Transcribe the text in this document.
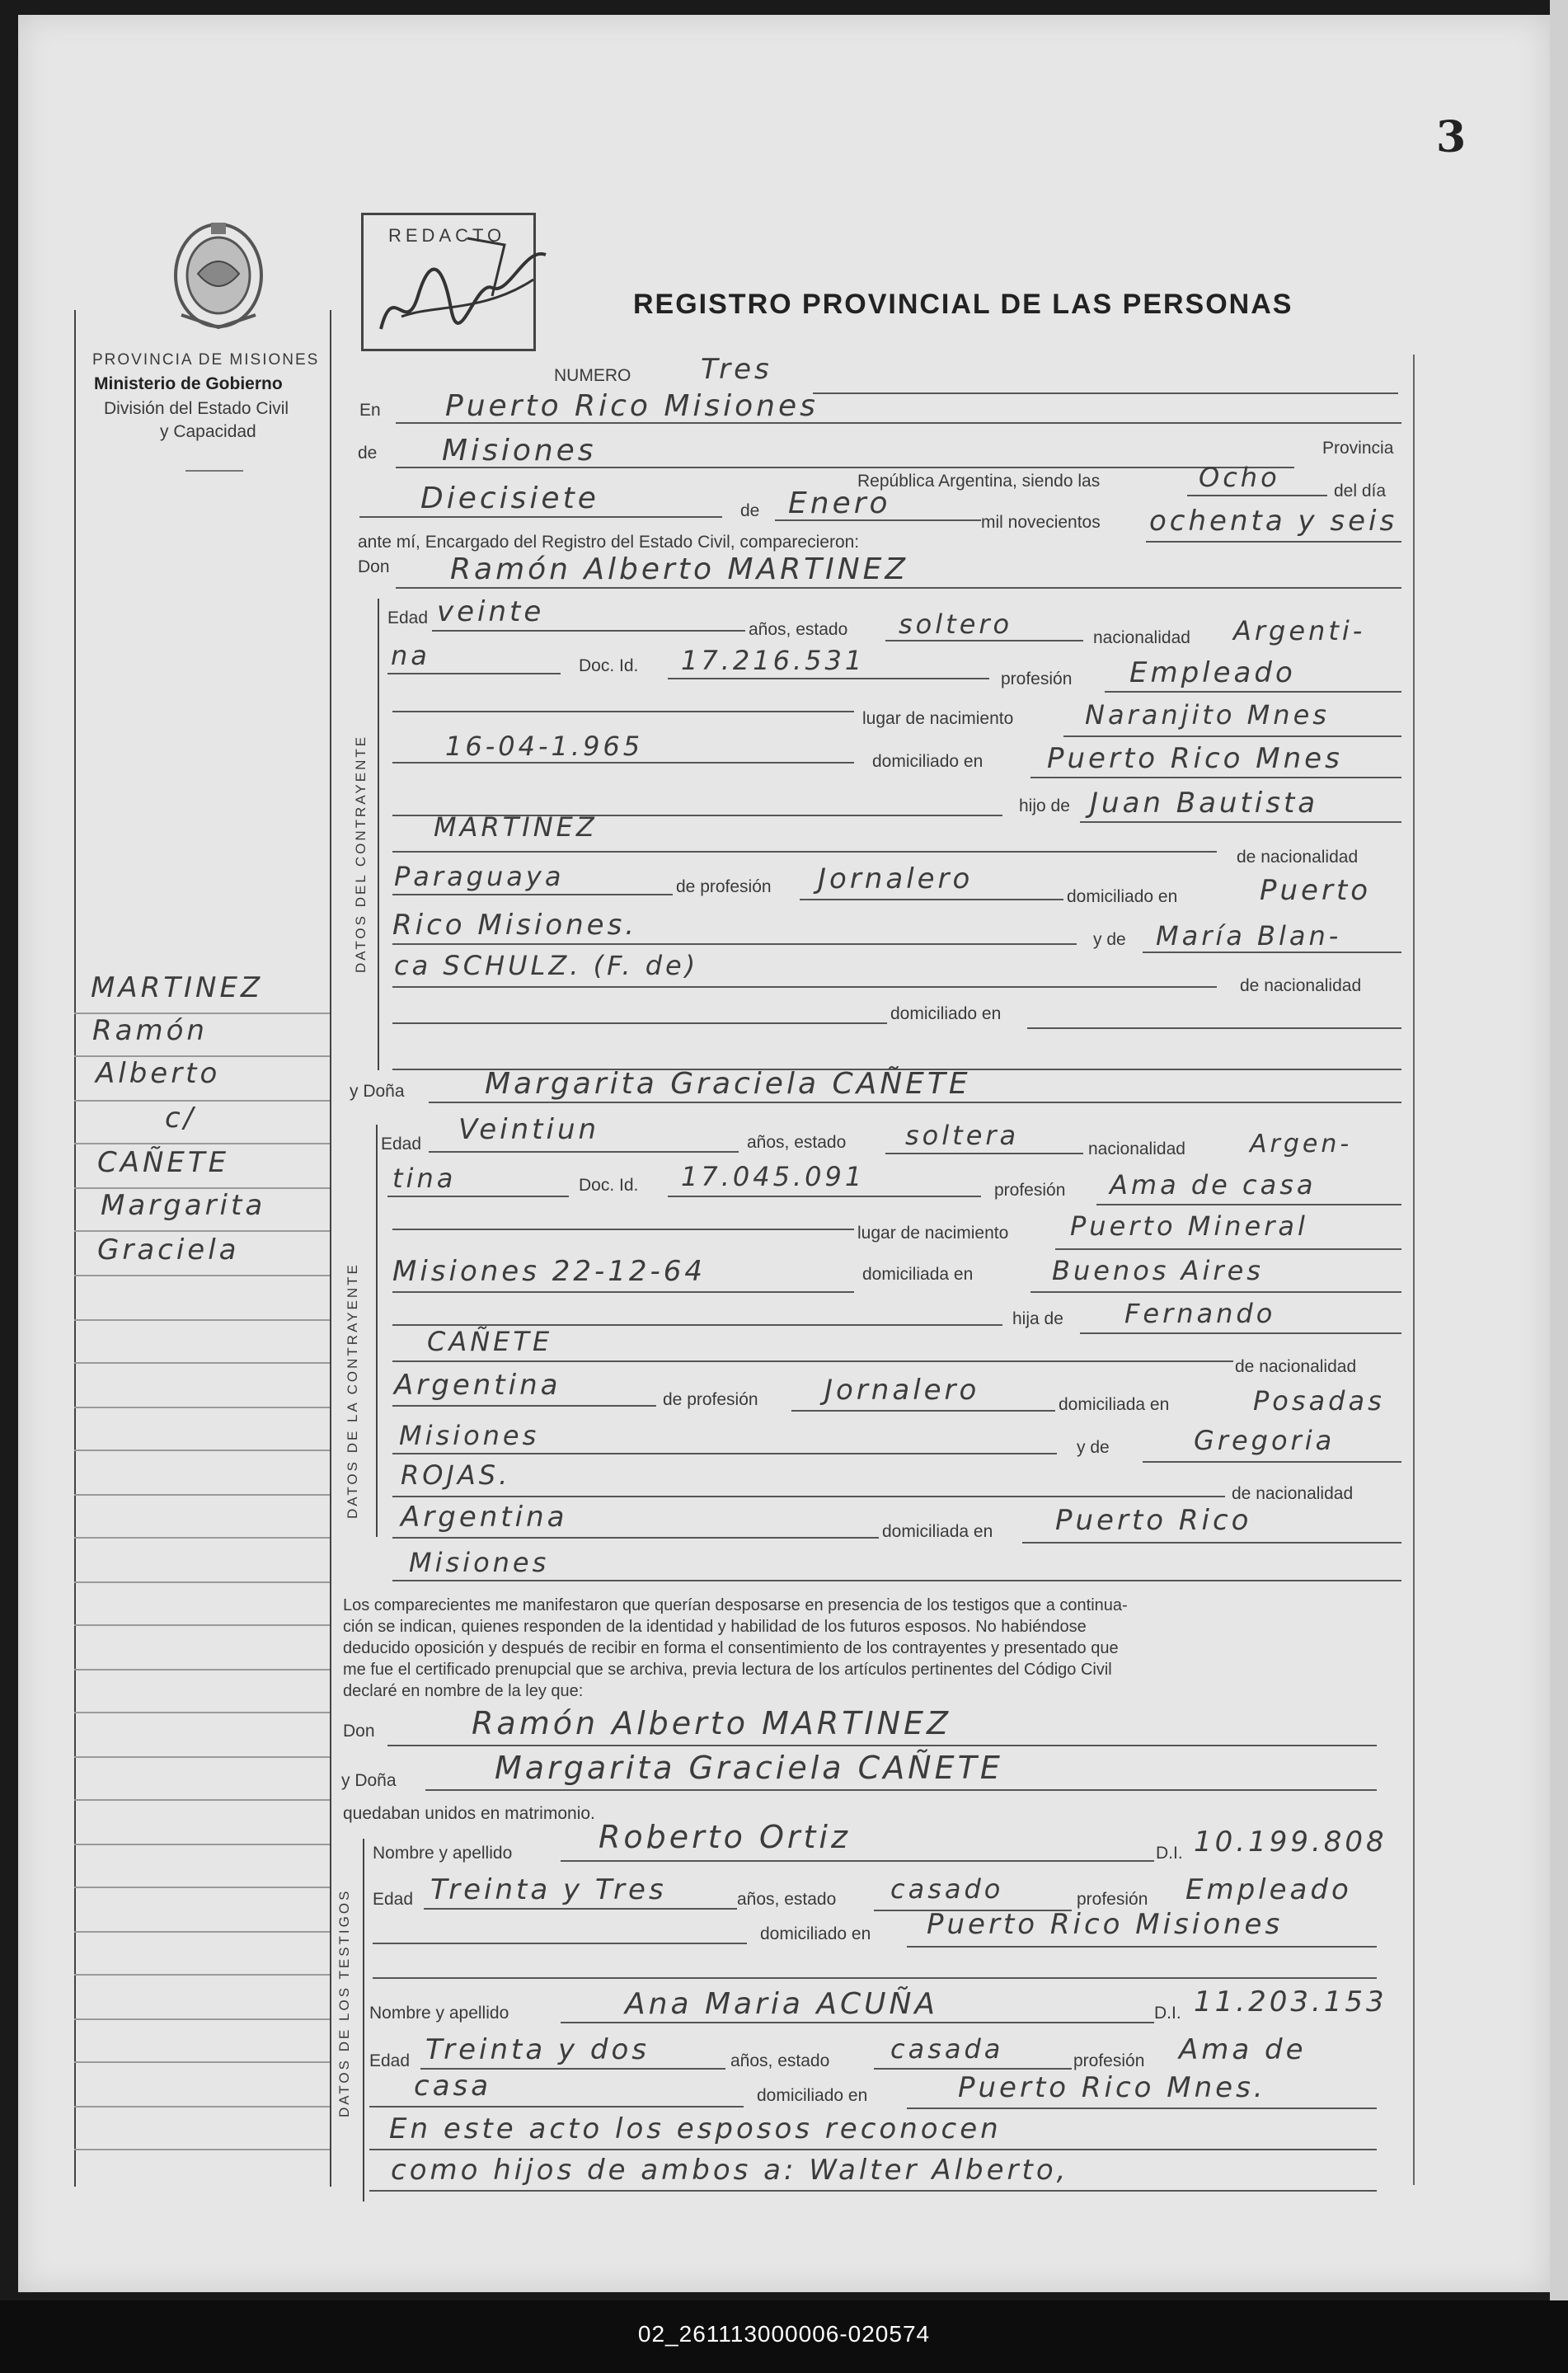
3
PROVINCIA DE MISIONES
Ministerio de Gobierno
División del Estado Civil
y Capacidad
REDACTO
REGISTRO PROVINCIAL DE LAS PERSONAS
MARTINEZ
Ramón
Alberto
c/
CAÑETE
Margarita
Graciela
NUMERO Tres
En Puerto Rico Misiones
de Misiones	Provincia
República Argentina, siendo las	Ocho	del día
Diecisiete	de Enero
mil novecientos ochenta y seis
ante mí, Encargado del Registro del Estado Civil, comparecieron:
DATOS DEL CONTRAYENTE
DATOS DE LA CONTRAYENTE
DATOS DE LOS TESTIGOS
Don Ramón Alberto MARTINEZ
Edad veinte
años, estado soltero	nacionalidad Argenti-
na	Doc. Id. 17.216.531
profesión Empleado
lugar de nacimiento	Naranjito Mnes
16-04-1.965	domiciliado en Puerto Rico Mnes
hijo de Juan Bautista
MARTINEZ
de nacionalidad
Paraguaya	de profesión Jornalero
domiciliado en	Puerto
Rico Misiones.	y de María Blan-
ca SCHULZ. (F. de)
de nacionalidad
domiciliado en
y Doña	Margarita Graciela CAÑETE
Edad Veintiun	años, estado soltera	nacionalidad	Argen-
tina	Doc. Id. 17.045.091	profesión Ama de casa
lugar de nacimiento Puerto Mineral
Misiones 22-12-64	domiciliada en	Buenos Aires
hija de Fernando
CAÑETE
de nacionalidad
Argentina	de profesión Jornalero	domiciliada en	Posadas
Misiones	y de	Gregoria
ROJAS.
de nacionalidad
Argentina	domiciliada en Puerto Rico
Misiones
Los comparecientes me manifestaron que querían desposarse en presencia de los testigos que a continua-
ción se indican, quienes responden de la identidad y habilidad de los futuros esposos. No habiéndose
deducido oposición y después de recibir en forma el consentimiento de los contrayentes y presentado que
me fue el certificado prenupcial que se archiva, previa lectura de los artículos pertinentes del Código Civil
declaré en nombre de la ley que:
Don	Ramón Alberto MARTINEZ
y Doña	Margarita Graciela CAÑETE
quedaban unidos en matrimonio.
Nombre y apellido	Roberto Ortiz	D.I. 10.199.808
Edad Treinta y Tres	años, estado casado	profesión Empleado
domiciliado en Puerto Rico Misiones
Nombre y apellido	Ana Maria ACUÑA	D.I. 11.203.153
Edad Treinta y dos	años, estado casada	profesión Ama de
casa	domiciliado en	Puerto Rico Mnes.
En este acto los esposos reconocen
como hijos de ambos a: Walter Alberto,
02_261113000006-020574
